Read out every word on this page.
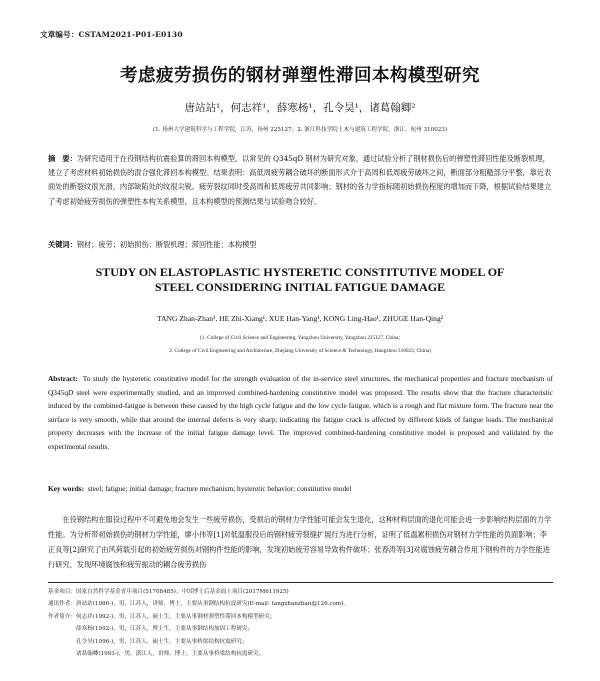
文章编号：CSTAM2021-P01-E0130
考虑疲劳损伤的钢材弹塑性滞回本构模型研究
唐站站¹，何志祥¹，薛寒杨¹，孔令昊¹，诸葛翰卿²
(1. 扬州大学建筑科学与工程学院，江苏，扬州 225127；2. 浙江科技学院土木与建筑工程学院，浙江，杭州 310023)
摘　要：为研究适用于在役钢结构抗震验算的滞回本构模型，以常见的 Q345qD 钢材为研究对象，通过试验分析了钢材损伤后的弹塑性滞回性能及断裂机理，建立了考虑材料初始损伤的混合强化滞回本构模型。结果表明：高低周疲劳耦合破坏的断面形式介于高周和低周疲劳破坏之间，断面部分粗糙部分平整，靠近表面处的断裂纹很光滑，内部缺陷处的纹很尖锐。疲劳裂纹同时受高周和低周疲劳共同影响；钢材的各力学指标随初始损伤程度的增加而下降，根据试验结果建立了考虑初始疲劳损伤的弹塑性本构关系模型，且本构模型的预测结果与试验吻合较好。
关键词：钢材；疲劳；初始损伤；断裂机理；滞回性能；本构模型
STUDY ON ELASTOPLASTIC HYSTERETIC CONSTITUTIVE MODEL OF
STEEL CONSIDERING INITIAL FATIGUE DAMAGE
TANG Zhan-Zhan¹, HE Zhi-Xiang¹, XUE Han-Yang¹, KONG Ling-Hao¹, ZHUGE Han-Qing²
(1. College of Civil Science and Engineering, Yangzhou University, Yangzhou 225127, China;
2. College of Civil Engineering and Architecture, Zhejiang University of Science & Technology, Hangzhou 310023, China)
Abstract: To study the hysteretic constitutive model for the strength evaluation of the in-service steel structures, the mechanical properties and fracture mechanism of Q345qD steel were experimentally studied, and an improved combined-hardening constitutive model was proposed. The results show that the fracture characteristic induced by the combined-fatigue is between these caused by the high cycle fatigue and the low cycle fatigue, which is a rough and flat mixture form. The fracture near the surface is very smooth, while that around the internal defects is very sharp; indicating the fatigue crack is affected by different kinds of fatigue loads. The mechanical property decreases with the increase of the initial fatigue damage level. The improved combined-hardening constitutive model is proposed and validated by the experimental results.
Key words: steel; fatigue; initial damage; fracture mechanism; hysteretic behavior; constitutive model

在役钢结构在服役过程中不可避免地会发生一些疲劳损伤，受损后的钢材力学性能可能会发生退化，这种材料层面的退化可能会进一步影响结构层面的力学性能。为分析带初始损伤的钢材力学性能，廖小伟等[1]对低温服役后的钢材疲劳裂缝扩展行为进行分析，证明了低温累积损伤对钢材力学性能的负面影响；李正良等[2]研究了由风荷载引起的初始疲劳损伤对钢构件性能的影响，发现初始疲劳容易导致构件破坏；张春涛等[3]对腐蚀疲劳耦合作用下钢构件的力学性能进行研究，发现环境腐蚀和疲劳振动的耦合疲劳损伤

基金项目：国家自然科学基金青年项目(51708485)；中国博士后基金面上项目(2017M611925)
通讯作者：唐站站(1986-)，男，江苏人，讲师，博士，主要从事钢结构抗震研究(E-mail: tangzhanzhan@126.com)。
作者简介：何志祥(1992-)，男，江苏人，硕士生，主要从事钢材弹塑性滞回本构模型研究；
薛寒杨(1992-)，男，江苏人，博士生，主要从事钢结构加固工程研究；
孔令昊(1996-)，男，江苏人，硕士生，主要从事桥梁结构抗震研究；
诸葛翰卿(1993-)，男，浙江人，讲师，博士，主要从事桥梁结构抗震研究。
